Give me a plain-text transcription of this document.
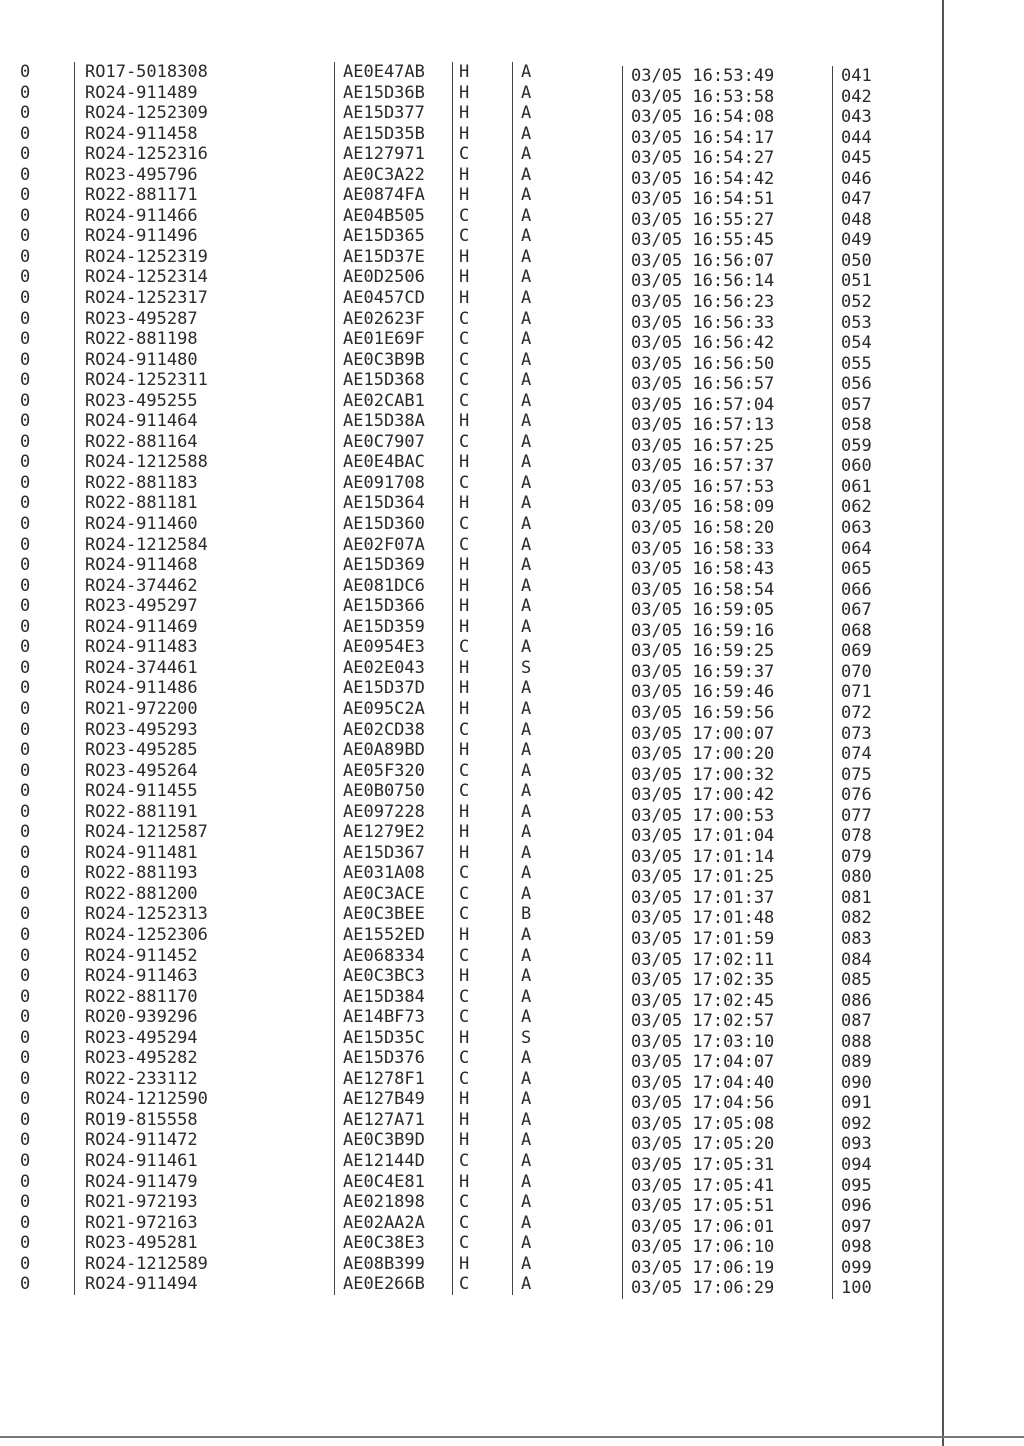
0	RO17-5018308	AE0E47AB	H	A	03/05 16:53:49	041
0	RO24-911489	AE15D36B	H	A	03/05 16:53:58	042
0	RO24-1252309	AE15D377	H	A	03/05 16:54:08	043
0	RO24-911458	AE15D35B	H	A	03/05 16:54:17	044
0	RO24-1252316	AE127971	C	A	03/05 16:54:27	045
0	RO23-495796	AE0C3A22	H	A	03/05 16:54:42	046
0	RO22-881171	AE0874FA	H	A	03/05 16:54:51	047
0	RO24-911466	AE04B505	C	A	03/05 16:55:27	048
0	RO24-911496	AE15D365	C	A	03/05 16:55:45	049
0	RO24-1252319	AE15D37E	H	A	03/05 16:56:07	050
0	RO24-1252314	AE0D2506	H	A	03/05 16:56:14	051
0	RO24-1252317	AE0457CD	H	A	03/05 16:56:23	052
0	RO23-495287	AE02623F	C	A	03/05 16:56:33	053
0	RO22-881198	AE01E69F	C	A	03/05 16:56:42	054
0	RO24-911480	AE0C3B9B	C	A	03/05 16:56:50	055
0	RO24-1252311	AE15D368	C	A	03/05 16:56:57	056
0	RO23-495255	AE02CAB1	C	A	03/05 16:57:04	057
0	RO24-911464	AE15D38A	H	A	03/05 16:57:13	058
0	RO22-881164	AE0C7907	C	A	03/05 16:57:25	059
0	RO24-1212588	AE0E4BAC	H	A	03/05 16:57:37	060
0	RO22-881183	AE091708	C	A	03/05 16:57:53	061
0	RO22-881181	AE15D364	H	A	03/05 16:58:09	062
0	RO24-911460	AE15D360	C	A	03/05 16:58:20	063
0	RO24-1212584	AE02F07A	C	A	03/05 16:58:33	064
0	RO24-911468	AE15D369	H	A	03/05 16:58:43	065
0	RO24-374462	AE081DC6	H	A	03/05 16:58:54	066
0	RO23-495297	AE15D366	H	A	03/05 16:59:05	067
0	RO24-911469	AE15D359	H	A	03/05 16:59:16	068
0	RO24-911483	AE0954E3	C	A	03/05 16:59:25	069
0	RO24-374461	AE02E043	H	S	03/05 16:59:37	070
0	RO24-911486	AE15D37D	H	A	03/05 16:59:46	071
0	RO21-972200	AE095C2A	H	A	03/05 16:59:56	072
0	RO23-495293	AE02CD38	C	A	03/05 17:00:07	073
0	RO23-495285	AE0A89BD	H	A	03/05 17:00:20	074
0	RO23-495264	AE05F320	C	A	03/05 17:00:32	075
0	RO24-911455	AE0B0750	C	A	03/05 17:00:42	076
0	RO22-881191	AE097228	H	A	03/05 17:00:53	077
0	RO24-1212587	AE1279E2	H	A	03/05 17:01:04	078
0	RO24-911481	AE15D367	H	A	03/05 17:01:14	079
0	RO22-881193	AE031A08	C	A	03/05 17:01:25	080
0	RO22-881200	AE0C3ACE	C	A	03/05 17:01:37	081
0	RO24-1252313	AE0C3BEE	C	B	03/05 17:01:48	082
0	RO24-1252306	AE1552ED	H	A	03/05 17:01:59	083
0	RO24-911452	AE068334	C	A	03/05 17:02:11	084
0	RO24-911463	AE0C3BC3	H	A	03/05 17:02:35	085
0	RO22-881170	AE15D384	C	A	03/05 17:02:45	086
0	RO20-939296	AE14BF73	C	A	03/05 17:02:57	087
0	RO23-495294	AE15D35C	H	S	03/05 17:03:10	088
0	RO23-495282	AE15D376	C	A	03/05 17:04:07	089
0	RO22-233112	AE1278F1	C	A	03/05 17:04:40	090
0	RO24-1212590	AE127B49	H	A	03/05 17:04:56	091
0	RO19-815558	AE127A71	H	A	03/05 17:05:08	092
0	RO24-911472	AE0C3B9D	H	A	03/05 17:05:20	093
0	RO24-911461	AE12144D	C	A	03/05 17:05:31	094
0	RO24-911479	AE0C4E81	H	A	03/05 17:05:41	095
0	RO21-972193	AE021898	C	A	03/05 17:05:51	096
0	RO21-972163	AE02AA2A	C	A	03/05 17:06:01	097
0	RO23-495281	AE0C38E3	C	A	03/05 17:06:10	098
0	RO24-1212589	AE08B399	H	A	03/05 17:06:19	099
0	RO24-911494	AE0E266B	C	A	03/05 17:06:29	100
